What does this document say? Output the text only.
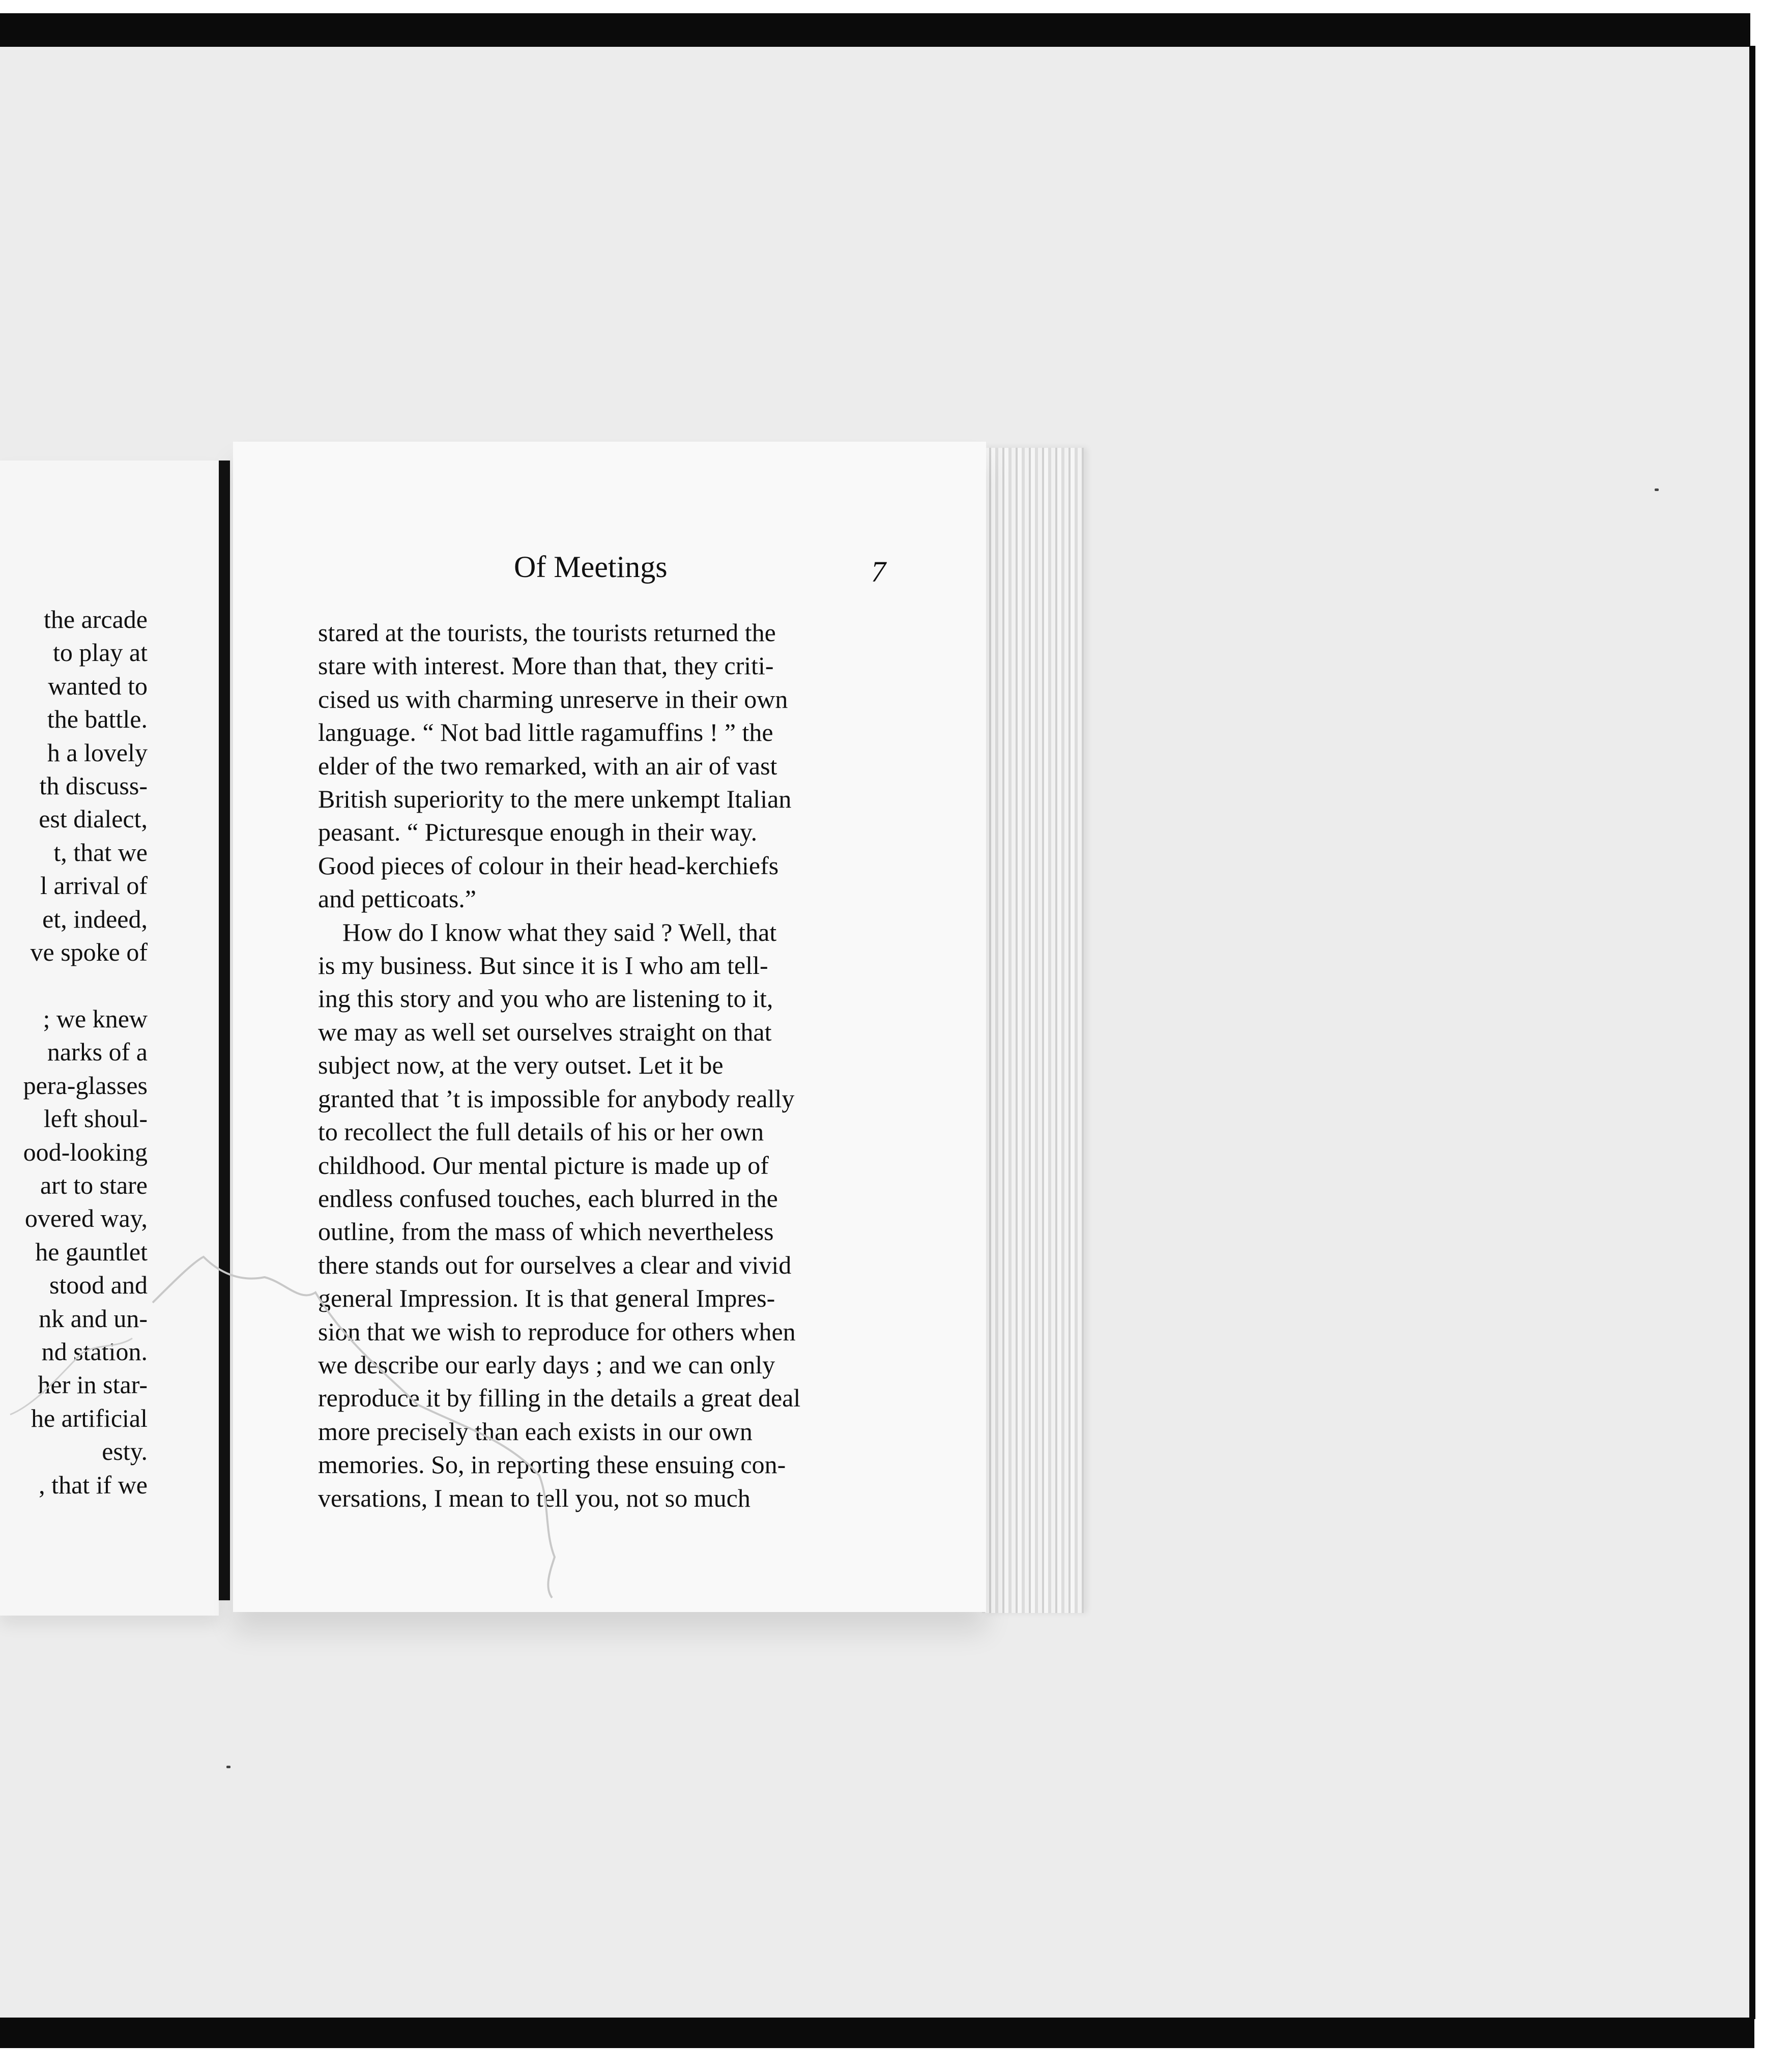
the arcade
to play at
wanted to
the battle.
h a lovely
th discuss-
est dialect,
t, that we
l arrival of
et, indeed,
ve spoke of

; we knew
narks of a
pera-glasses
left shoul-
ood-looking
art to stare
overed way,
he gauntlet
stood and
nk and un-
nd station.
her in star-
he artificial
esty.
, that if we
Of Meetings	7
stared at the tourists, the tourists returned the
stare with interest. More than that, they criti-
cised us with charming unreserve in their own
language. “ Not bad little ragamuffins ! ” the
elder of the two remarked, with an air of vast
British superiority to the mere unkempt Italian
peasant. “ Picturesque enough in their way.
Good pieces of colour in their head-kerchiefs
and petticoats.”
How do I know what they said ? Well, that
is my business. But since it is I who am tell-
ing this story and you who are listening to it,
we may as well set ourselves straight on that
subject now, at the very outset. Let it be
granted that ’t is impossible for anybody really
to recollect the full details of his or her own
childhood. Our mental picture is made up of
endless confused touches, each blurred in the
outline, from the mass of which nevertheless
there stands out for ourselves a clear and vivid
general Impression. It is that general Impres-
sion that we wish to reproduce for others when
we describe our early days ; and we can only
reproduce it by filling in the details a great deal
more precisely than each exists in our own
memories. So, in reporting these ensuing con-
versations, I mean to tell you, not so much
